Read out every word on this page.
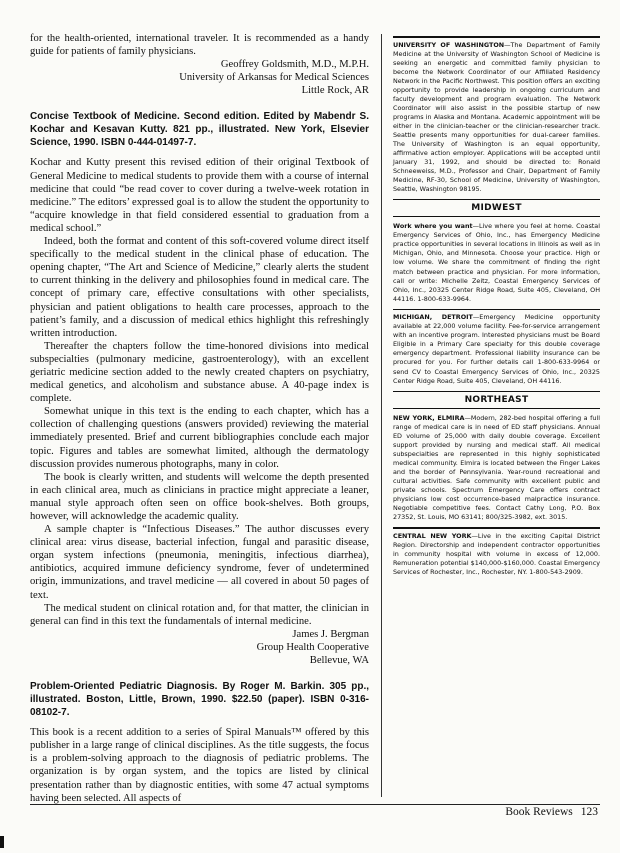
for the health-oriented, international traveler. It is recommended as a handy guide for patients of family physicians.

Geoffrey Goldsmith, M.D., M.P.H.

University of Arkansas for Medical Sciences

Little Rock, AR

Concise Textbook of Medicine. Second edition. Edited by Mabendr S. Kochar and Kesavan Kutty. 821 pp., illustrated. New York, Elsevier Science, 1990. ISBN 0-444-01497-7.

Kochar and Kutty present this revised edition of their original Textbook of General Medicine to medical students to provide them with a course of internal medicine that could “be read cover to cover during a twelve-week rotation in medicine.” The editors’ expressed goal is to allow the student the opportunity to “acquire knowledge in that field considered essential to graduation from a medical school.”

Indeed, both the format and content of this soft-covered volume direct itself specifically to the medical student in the clinical phase of education. The opening chapter, “The Art and Science of Medicine,” clearly alerts the student to current thinking in the delivery and philosophies found in medical care. The concept of primary care, effective consultations with other specialists, physician and patient obligations to health care processes, approach to the patient’s family, and a discussion of medical ethics highlight this refreshingly written introduction.

Thereafter the chapters follow the time-honored divisions into medical subspecialties (pulmonary medicine, gastroenterology), with an excellent geriatric medicine section added to the newly created chapters on psychiatry, medical genetics, and alcoholism and substance abuse. A 40-page index is complete.

Somewhat unique in this text is the ending to each chapter, which has a collection of challenging questions (answers provided) reviewing the material immediately presented. Brief and current bibliographies conclude each major topic. Figures and tables are somewhat limited, although the dermatology discussion provides numerous photographs, many in color.

The book is clearly written, and students will welcome the depth presented in each clinical area, much as clinicians in practice might appreciate a leaner, manual style approach often seen on office book-shelves. Both groups, however, will acknowledge the academic quality.

A sample chapter is “Infectious Diseases.” The author discusses every clinical area: virus disease, bacterial infection, fungal and parasitic disease, organ system infections (pneumonia, meningitis, infectious diarrhea), antibiotics, acquired immune deficiency syndrome, fever of undetermined origin, immunizations, and travel medicine — all covered in about 50 pages of text.

The medical student on clinical rotation and, for that matter, the clinician in general can find in this text the fundamentals of internal medicine.

James J. Bergman

Group Health Cooperative

Bellevue, WA

Problem-Oriented Pediatric Diagnosis. By Roger M. Barkin. 305 pp., illustrated. Boston, Little, Brown, 1990. $22.50 (paper). ISBN 0-316-08102-7.

This book is a recent addition to a series of Spiral Manuals™ offered by this publisher in a large range of clinical disciplines. As the title suggests, the focus is a problem-solving approach to the diagnosis of pediatric problems. The organization is by organ system, and the topics are listed by clinical presentation rather than by diagnostic entities, with some 47 actual symptoms having been selected. All aspects of

UNIVERSITY OF WASHINGTON—The Department of Family Medicine at the University of Washington School of Medicine is seeking an energetic and committed family physician to become the Network Coordinator of our Affiliated Residency Network in the Pacific Northwest. This position offers an exciting opportunity to provide leadership in ongoing curriculum and faculty development and program evaluation. The Network Coordinator will also assist in the possible startup of new programs in Alaska and Montana. Academic appointment will be either in the clinician-teacher or the clinician-researcher track. Seattle presents many opportunities for dual-career families. The University of Washington is an equal opportunity, affirmative action employer. Applications will be accepted until January 31, 1992, and should be directed to: Ronald Schneeweiss, M.D., Professor and Chair, Department of Family Medicine, RF-30, School of Medicine, University of Washington, Seattle, Washington 98195.

MIDWEST

Work where you want—Live where you feel at home. Coastal Emergency Services of Ohio, Inc., has Emergency Medicine practice opportunities in several locations in Illinois as well as in Michigan, Ohio, and Minnesota. Choose your practice. High or low volume. We share the commitment of finding the right match between practice and physician. For more information, call or write: Michelle Zeitz, Coastal Emergency Services of Ohio, Inc., 20325 Center Ridge Road, Suite 405, Cleveland, OH 44116. 1-800-633-9964.

MICHIGAN, DETROIT—Emergency Medicine opportunity available at 22,000 volume facility. Fee-for-service arrangement with an incentive program. Interested physicians must be Board Eligible in a Primary Care specialty for this double coverage emergency department. Professional liability insurance can be procured for you. For further details call 1-800-633-9964 or send CV to Coastal Emergency Services of Ohio, Inc., 20325 Center Ridge Road, Suite 405, Cleveland, OH 44116.

NORTHEAST

NEW YORK, ELMIRA—Modern, 282-bed hospital offering a full range of medical care is in need of ED staff physicians. Annual ED volume of 25,000 with daily double coverage. Excellent support provided by nursing and medical staff. All medical subspecialties are represented in this highly sophisticated medical community. Elmira is located between the Finger Lakes and the border of Pennsylvania. Year-round recreational and cultural activities. Safe community with excellent public and private schools. Spectrum Emergency Care offers contract physicians low cost occurrence-based malpractice insurance. Negotiable competitive fees. Contact Cathy Long, P.O. Box 27352, St. Louis, MO 63141; 800/325-3982, ext. 3015.

CENTRAL NEW YORK—Live in the exciting Capital District Region. Directorship and independent contractor opportunities in community hospital with volume in excess of 12,000. Remuneration potential $140,000-$160,000. Coastal Emergency Services of Rochester, Inc., Rochester, NY. 1-800-543-2909.

Book Reviews 123
